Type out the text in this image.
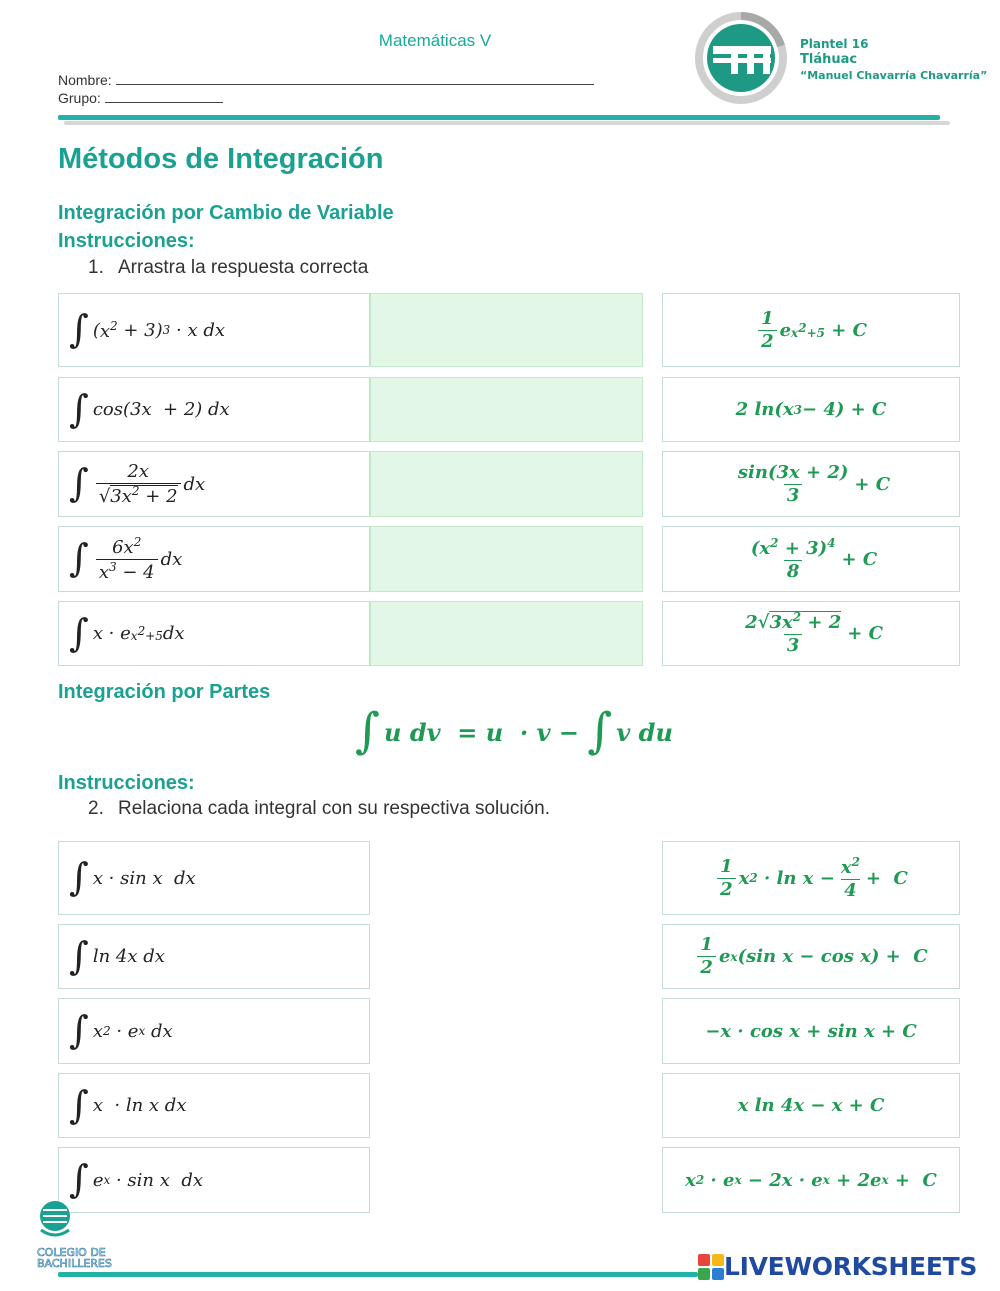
Matemáticas V
Nombre:
Grupo:
Plantel 16
Tláhuac
“Manuel Chavarría Chavarría”
Métodos de Integración
Integración por Cambio de Variable
Instrucciones:
1. Arrastra la respuesta correcta
∫ ( $x^2 + 3$) 3 · x dx
∫ cos(3x  + 2) dx
∫ $\frac{2x}{√3x^2 + 2}$ dx
∫ $\frac{6x^2}{x^3 - 4}$ dx
∫ x · e $x^2+5$ dx
$\frac{1}{2}$ e $x^2+5 + C$
2 ln(x 3 − 4) + C
$\frac{\sin(3x + 2)}{3} + C$
$\frac{(x^2 + 3)^4}{8} + C$
$\frac{2√3x^2 + 2}{3} + C$
Integración por Partes
∫ u dv  = u  · v − ∫ v du
Instrucciones:
2. Relaciona cada integral con su respectiva solución.
∫ x · sin x  dx
∫ ln 4x dx
∫ x 2 · e x dx
∫ x  · ln x dx
∫ e x · sin x  dx
$\frac{1}{2}$ x $2 \cdot \ln x - \frac{x^2}{4} + C$
$\frac{1}{2}$ e x (sin x − cos x) +  C
−x · cos x + sin x + C
x ln 4x − x + C
x 2 · e x − 2x · e x + 2e x +  C
COLEGIO DE
BACHILLERES	LIVEWORKSHEETS
